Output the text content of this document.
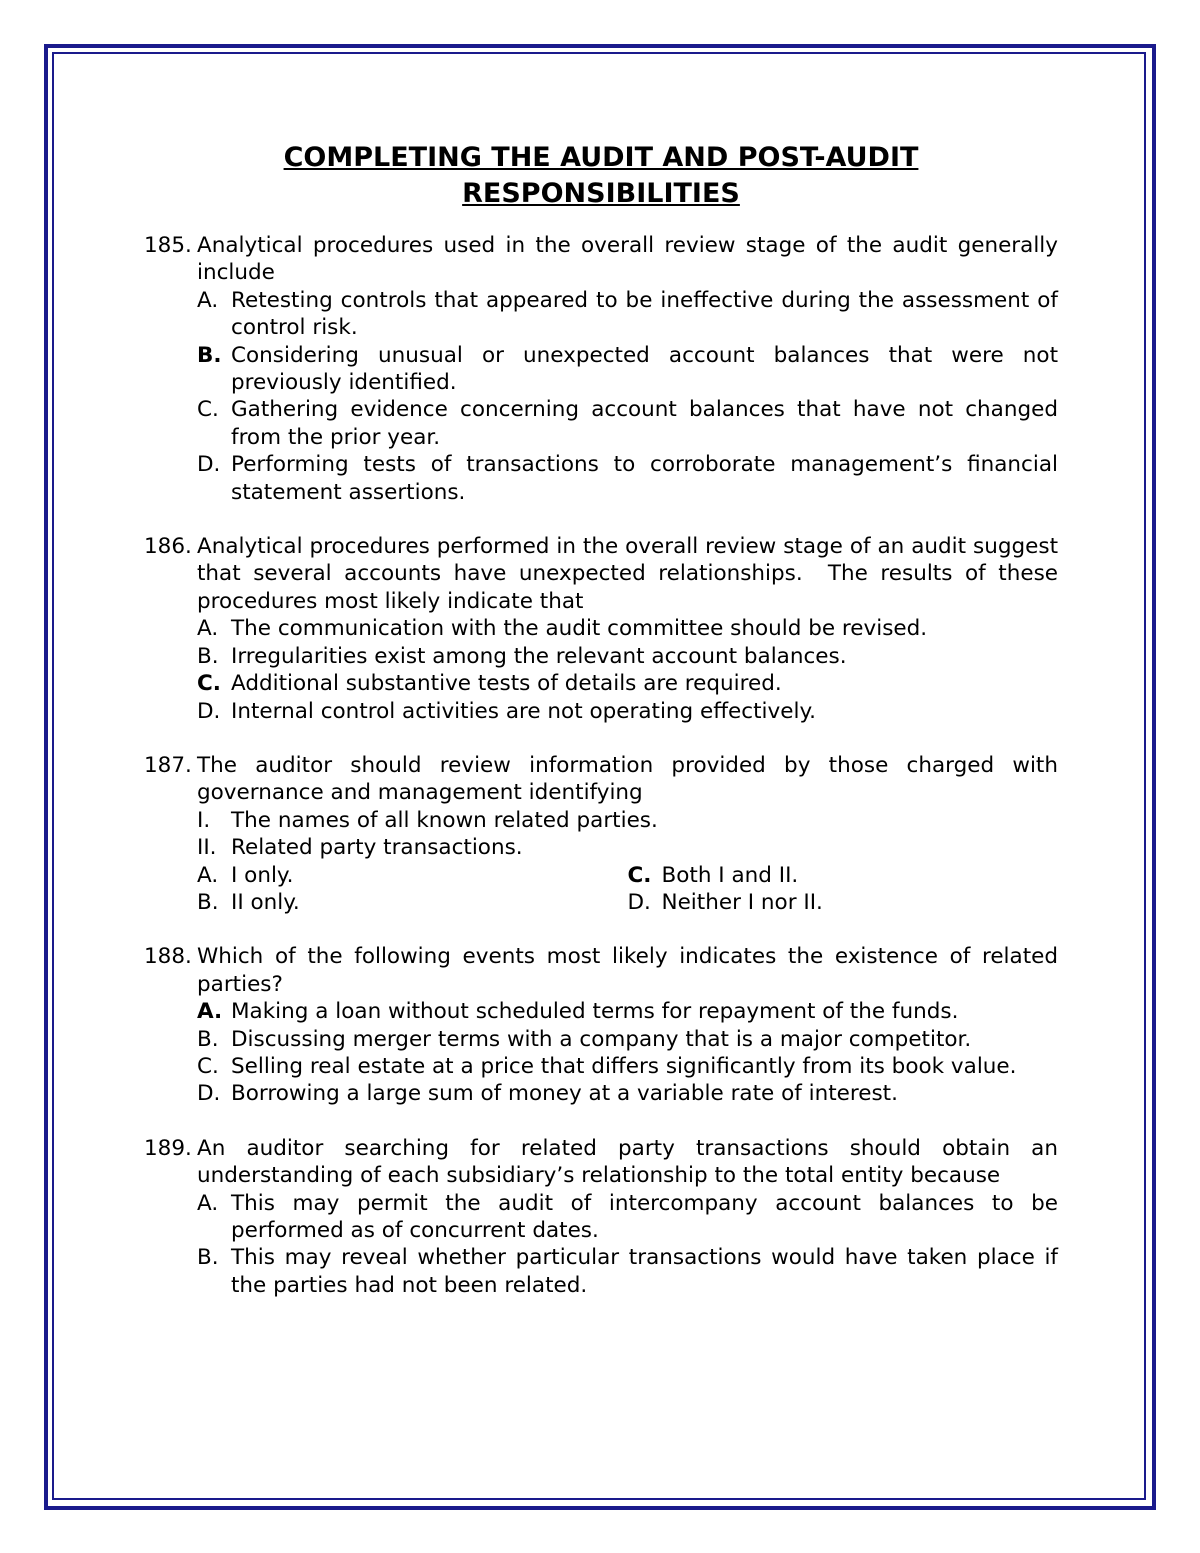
COMPLETING THE AUDIT AND POST-AUDIT
RESPONSIBILITIES
185. Analytical procedures used in the overall review stage of the audit generally include
A. Retesting controls that appeared to be ineffective during the assessment of control risk.
B. Considering unusual or unexpected account balances that were not previously identified.
C. Gathering evidence concerning account balances that have not changed from the prior year.
D. Performing tests of transactions to corroborate management’s financial statement assertions.
186. Analytical procedures performed in the overall review stage of an audit suggest that several accounts have unexpected relationships.  The results of these procedures most likely indicate that
A. The communication with the audit committee should be revised.
B. Irregularities exist among the relevant account balances.
C. Additional substantive tests of details are required.
D. Internal control activities are not operating effectively.
187. The auditor should review information provided by those charged with governance and management identifying
I. The names of all known related parties.
II. Related party transactions.
A. I only.	C. Both I and II.
B. II only.	D. Neither I nor II.
188. Which of the following events most likely indicates the existence of related parties?
A. Making a loan without scheduled terms for repayment of the funds.
B. Discussing merger terms with a company that is a major competitor.
C. Selling real estate at a price that differs significantly from its book value.
D. Borrowing a large sum of money at a variable rate of interest.
189. An auditor searching for related party transactions should obtain an understanding of each subsidiary’s relationship to the total entity because
A. This may permit the audit of intercompany account balances to be performed as of concurrent dates.
B. This may reveal whether particular transactions would have taken place if the parties had not been related.
